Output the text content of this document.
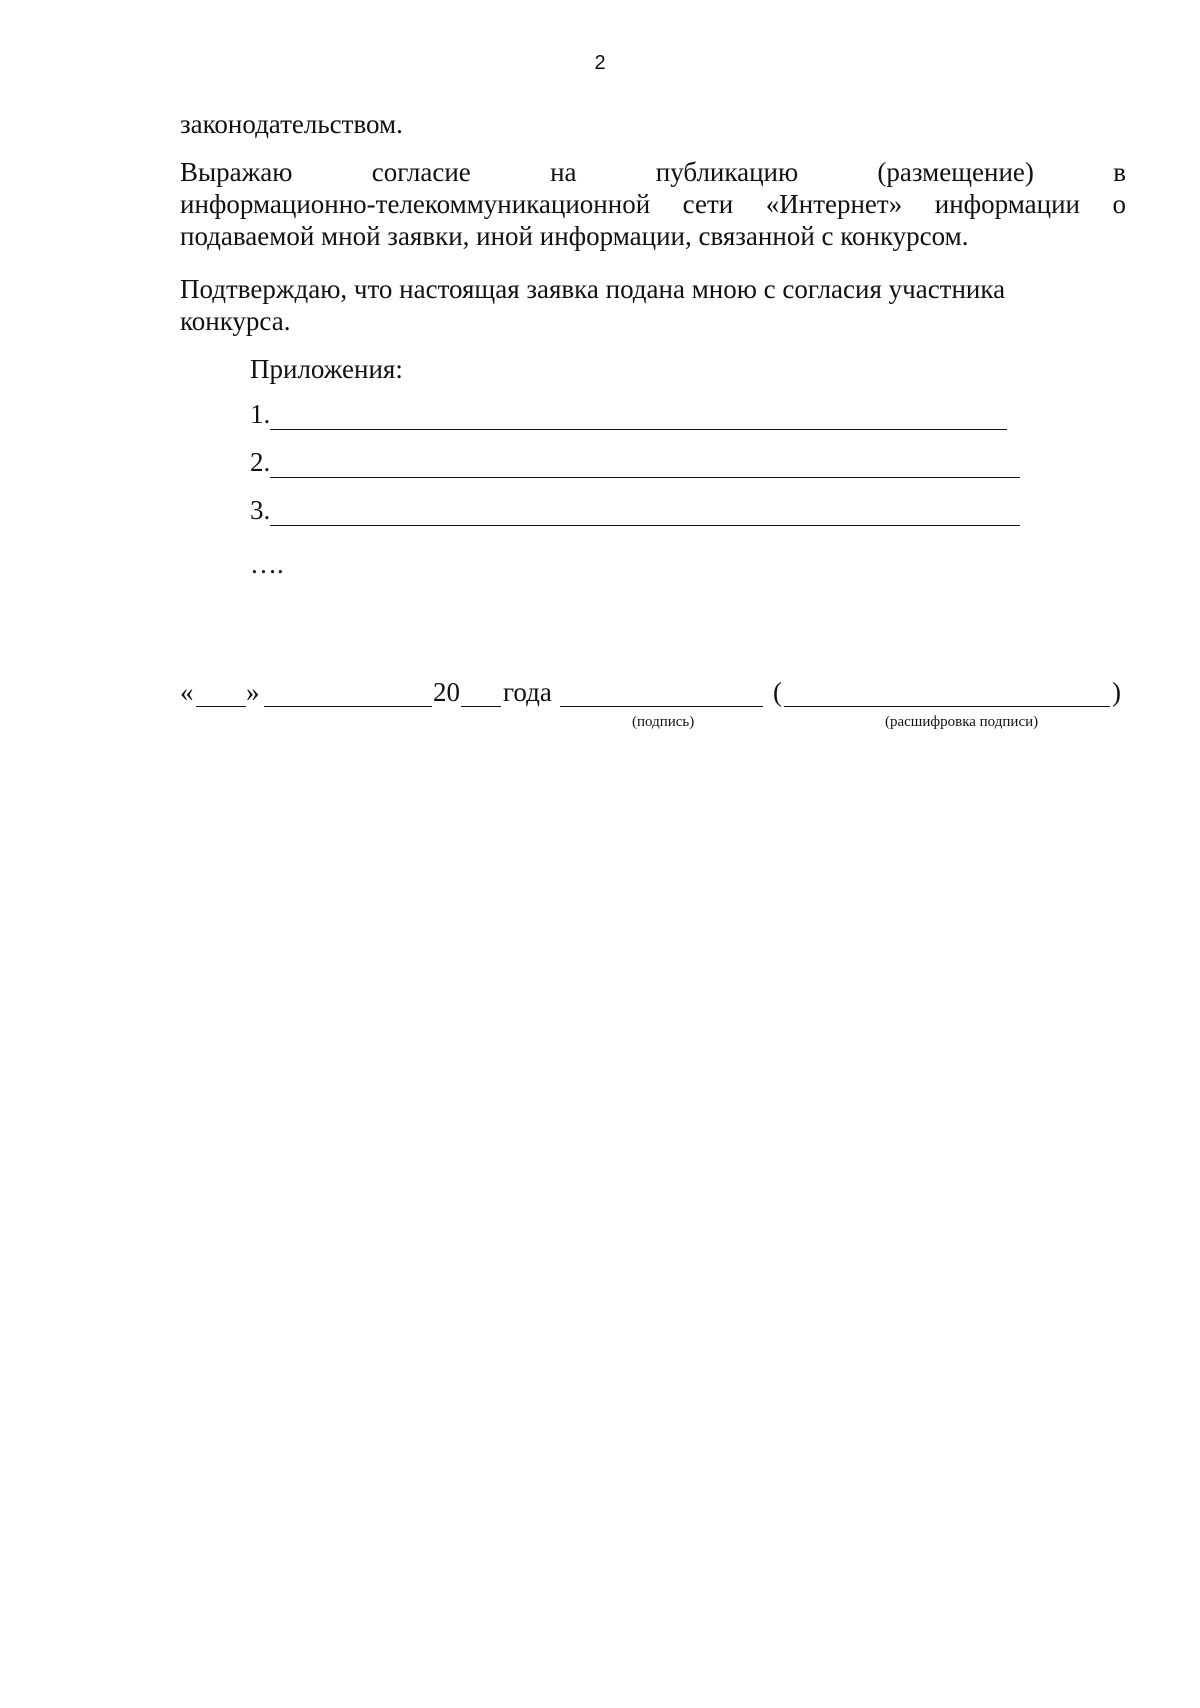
2
законодательством.
Выражаю	согласие	на	публикацию	(размещение)	в
информационно-телекоммуникационной сети «Интернет» информации о
подаваемой мной заявки, иной информации, связанной с конкурсом.
Подтверждаю, что настоящая заявка подана мною с согласия участника
конкурса.
Приложения:
1.
2.
3.
….
« »	20 года	(	)
(подпись)	(расшифровка подписи)
